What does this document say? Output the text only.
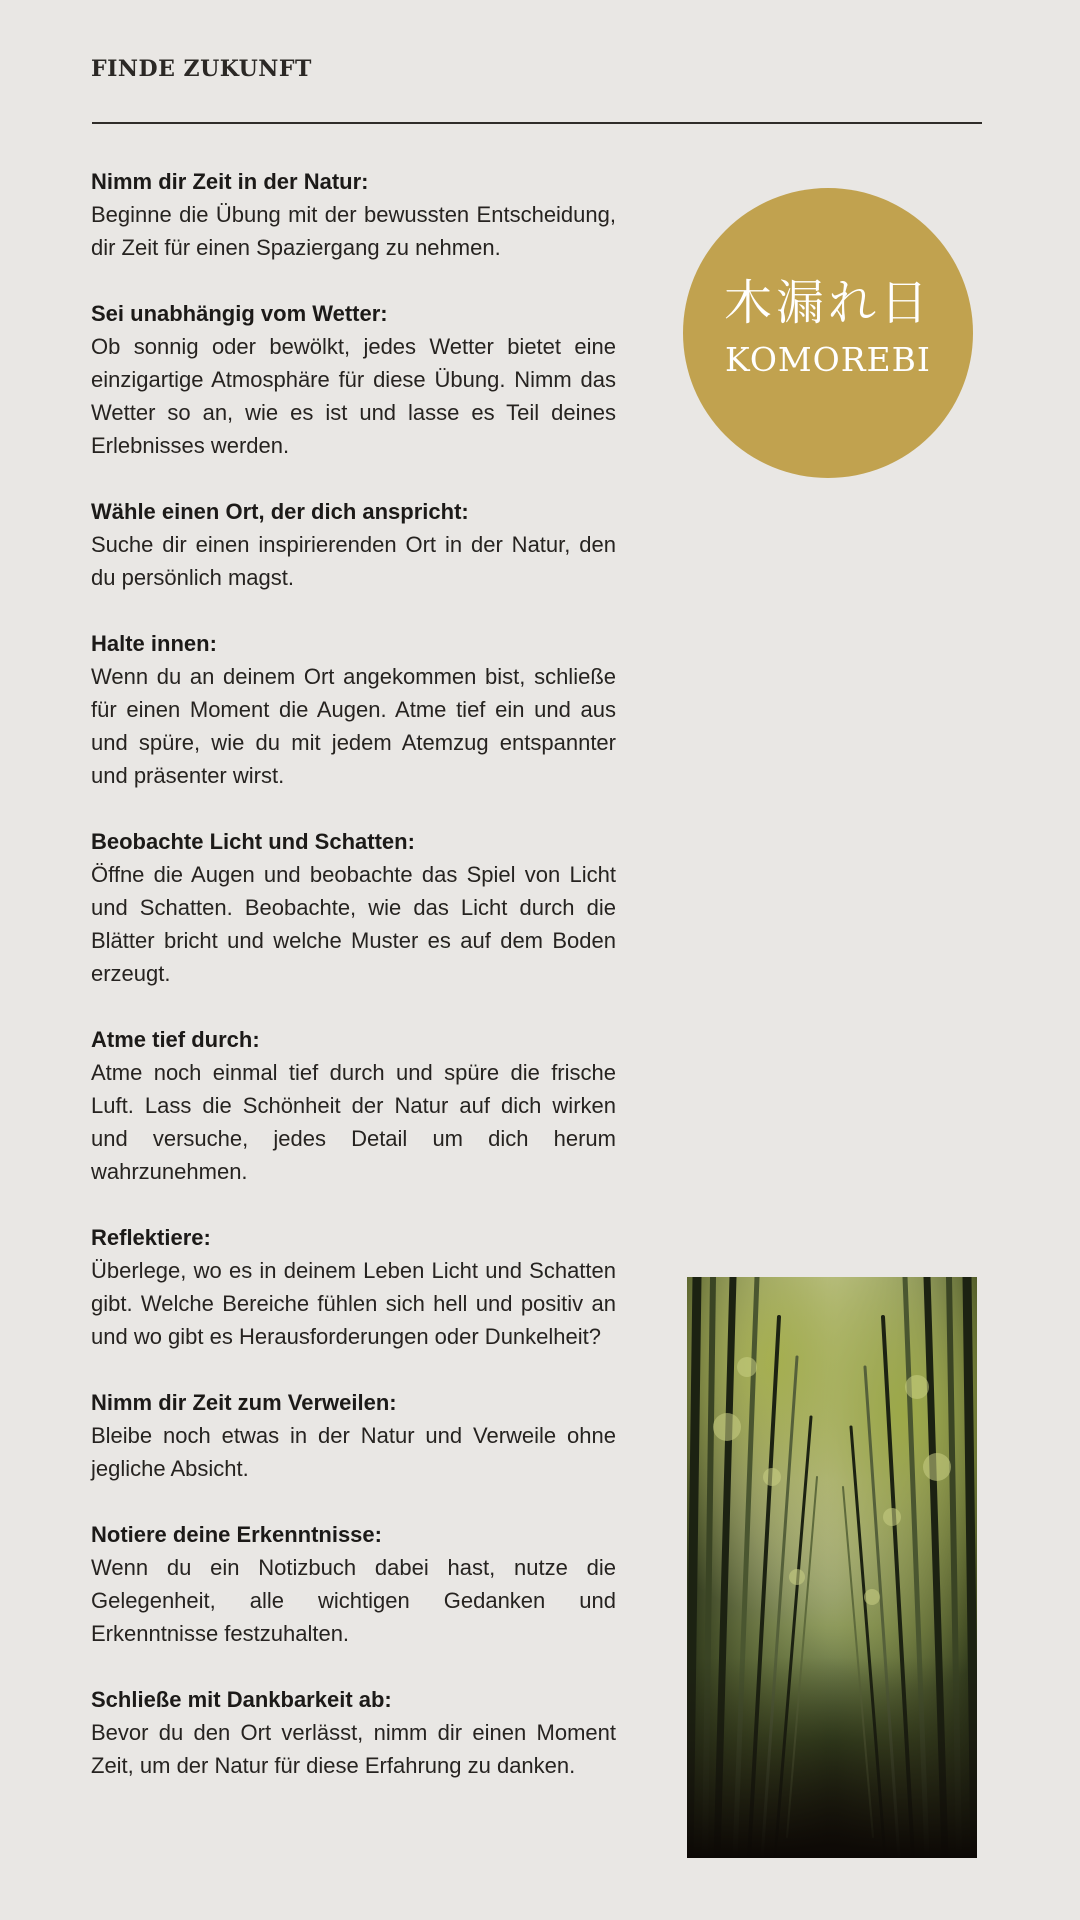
FINDE ZUKUNFT
Nimm dir Zeit in der Natur:
Beginne die Übung mit der bewussten Entscheidung, dir Zeit für einen Spaziergang zu nehmen.
Sei unabhängig vom Wetter:
Ob sonnig oder bewölkt, jedes Wetter bietet eine einzigartige Atmosphäre für diese Übung. Nimm das Wetter so an, wie es ist und lasse es Teil deines Erlebnisses werden.
Wähle einen Ort, der dich anspricht:
Suche dir einen inspirierenden Ort in der Natur, den du persönlich magst.
Halte innen:
Wenn du an deinem Ort angekommen bist, schließe für einen Moment die Augen. Atme tief ein und aus und spüre, wie du mit jedem Atemzug entspannter und präsenter wirst.
Beobachte Licht und Schatten:
Öffne die Augen und beobachte das Spiel von Licht und Schatten. Beobachte, wie das Licht durch die Blätter bricht und welche Muster es auf dem Boden erzeugt.
Atme tief durch:
Atme noch einmal tief durch und spüre die frische Luft. Lass die Schönheit der Natur auf dich wirken und versuche, jedes Detail um dich herum wahrzunehmen.
Reflektiere:
Überlege, wo es in deinem Leben Licht und Schatten gibt. Welche Bereiche fühlen sich hell und positiv an und wo gibt es Herausforderungen oder Dunkelheit?
Nimm dir Zeit zum Verweilen:
Bleibe noch etwas in der Natur und Verweile ohne jegliche Absicht.
Notiere deine Erkenntnisse:
Wenn du ein Notizbuch dabei hast, nutze die Gelegenheit, alle wichtigen Gedanken und Erkenntnisse festzuhalten.
Schließe mit Dankbarkeit ab:
Bevor du den Ort verlässt, nimm dir einen Moment Zeit, um der Natur für diese Erfahrung zu danken.
木漏れ日
KOMOREBI
